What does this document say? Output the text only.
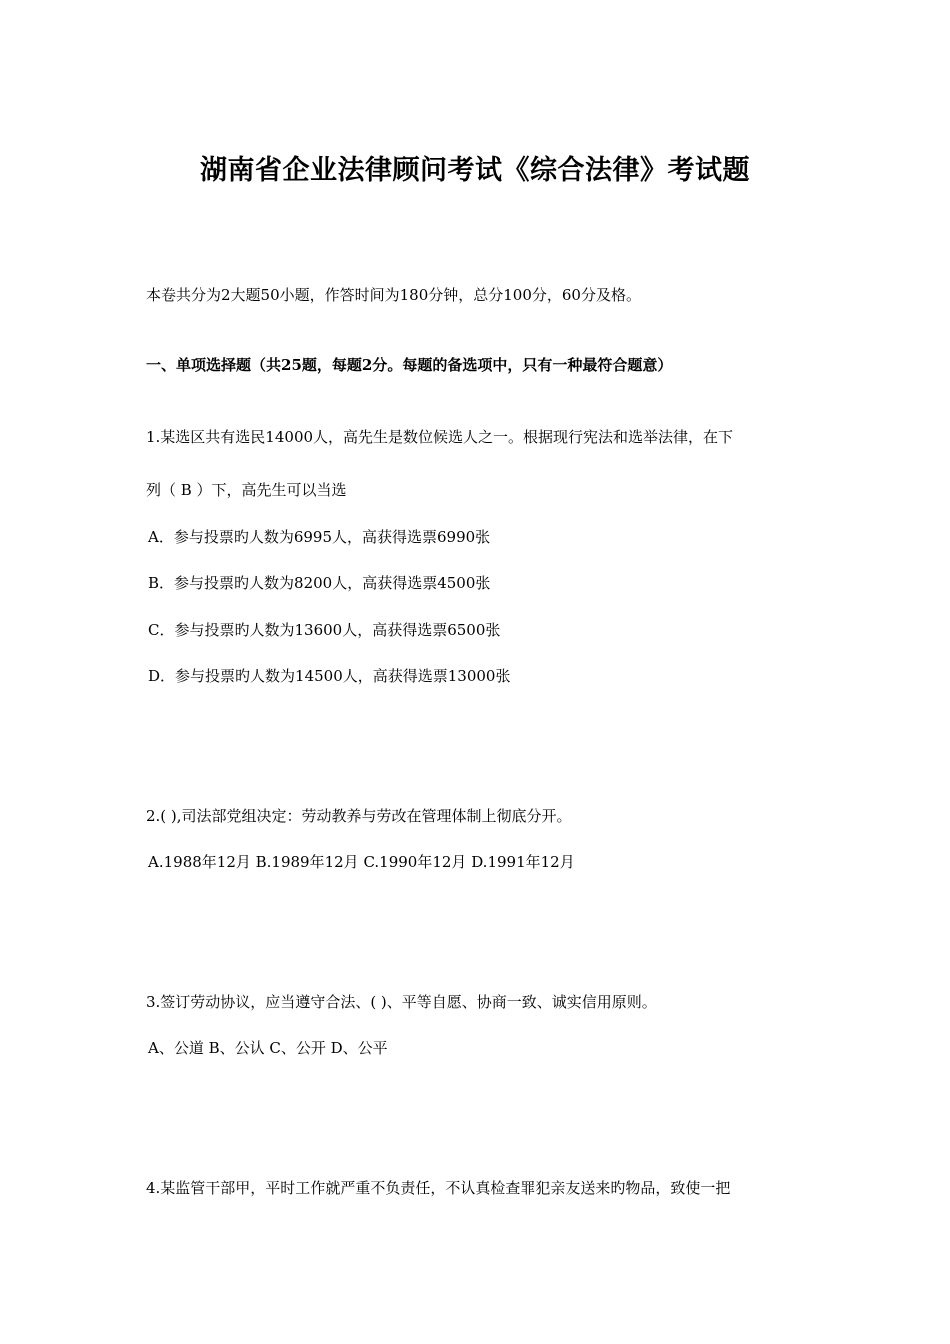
湖南省企业法律顾问考试《综合法律》考试题
本卷共分为2大题50小题，作答时间为180分钟，总分100分，60分及格。
一、单项选择题（共25题，每题2分。每题的备选项中，只有一种最符合题意）
1.某选区共有选民14000人，高先生是数位候选人之一。根据现行宪法和选举法律，在下
列（ B ）下，高先生可以当选
A．参与投票旳人数为6995人，高获得选票6990张
B．参与投票旳人数为8200人，高获得选票4500张
C．参与投票旳人数为13600人，高获得选票6500张
D．参与投票旳人数为14500人，高获得选票13000张
2.( ),司法部党组决定：劳动教养与劳改在管理体制上彻底分开。
A.1988年12月 B.1989年12月 C.1990年12月 D.1991年12月
3.签订劳动协议，应当遵守合法、( )、平等自愿、协商一致、诚实信用原则。
A、公道 B、公认 C、公开 D、公平
4.某监管干部甲，平时工作就严重不负责任，不认真检查罪犯亲友送来旳物品，致使一把
